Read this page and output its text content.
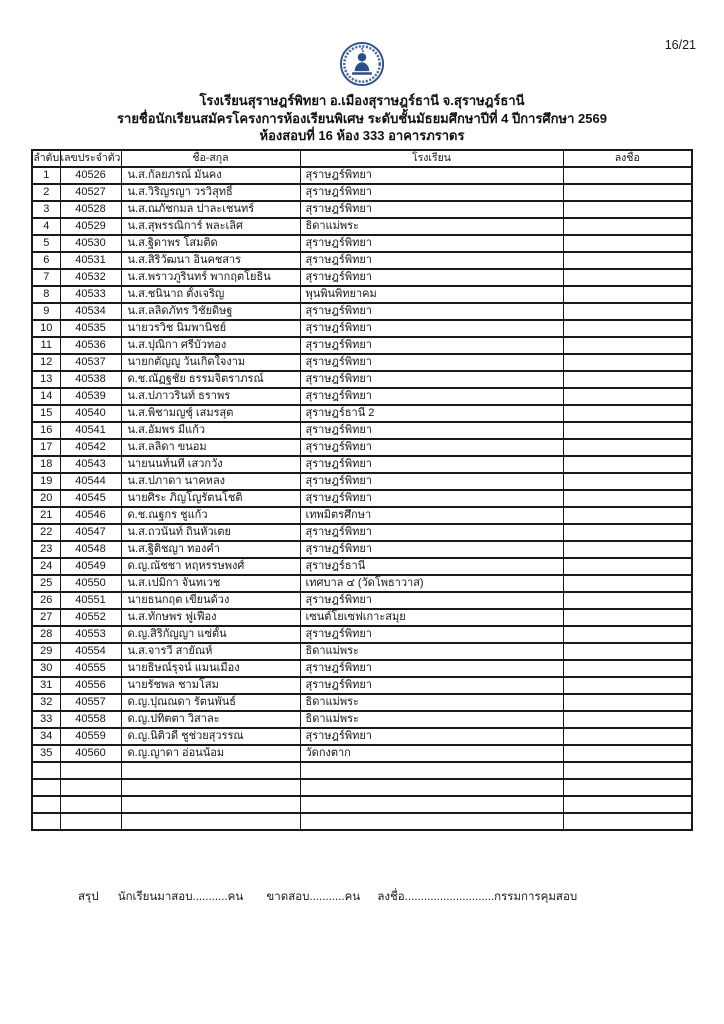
16/21
โรงเรียนสุราษฎร์พิทยา อ.เมืองสุราษฎร์ธานี จ.สุราษฎร์ธานี
รายชื่อนักเรียนสมัครโครงการห้องเรียนพิเศษ ระดับชั้นมัธยมศึกษาปีที่ 4 ปีการศึกษา 2569
ห้องสอบที่ 16 ห้อง 333 อาคารภราดร
ลำดับ	เลขประจำตัว	ชื่อ-สกุล	โรงเรียน	ลงชื่อ
1	40526	น.ส.กัลยภรณ์ มั่นคง	สุราษฎร์พิทยา	
2	40527	น.ส.วิริญรญา วรวิสุทธิ์	สุราษฎร์พิทยา	
3	40528	น.ส.ณภัชกมล ปาละเชนทร์	สุราษฎร์พิทยา	
4	40529	น.ส.สุพรรณิการ์ พละเลิศ	ธิดาแม่พระ	
5	40530	น.ส.ฐิดาพร โสมติด	สุราษฎร์พิทยา	
6	40531	น.ส.สิริวัฒนา อินคชสาร	สุราษฎร์พิทยา	
7	40532	น.ส.พราวภูรินทร์ พากฤตโยธิน	สุราษฎร์พิทยา	
8	40533	น.ส.ชนินาถ ตั้งเจริญ	พุนพินพิทยาคม	
9	40534	น.ส.ลลิดภัทร วิชัยดิษฐ	สุราษฎร์พิทยา	
10	40535	นายวรวิช นิ่มพานิชย์	สุราษฎร์พิทยา	
11	40536	น.ส.ปุณิกา ศรีบัวทอง	สุราษฎร์พิทยา	
12	40537	นายกตัญญู วันเกิดใจงาม	สุราษฎร์พิทยา	
13	40538	ด.ช.ณัฏฐชัย ธรรมจิตราภรณ์	สุราษฎร์พิทยา	
14	40539	น.ส.ปภาวรินท์ ธราพร	สุราษฎร์พิทยา	
15	40540	น.ส.พิชามญชุ์ เสมรสุต	สุราษฎร์ธานี 2	
16	40541	น.ส.อัมพร มีแก้ว	สุราษฎร์พิทยา	
17	40542	น.ส.ลลิดา ขนอม	สุราษฎร์พิทยา	
18	40543	นายนนท์นที เสวกวัง	สุราษฎร์พิทยา	
19	40544	น.ส.ปภาดา นาคหลง	สุราษฎร์พิทยา	
20	40545	นายศิระ ภิญโญรัตนโชติ	สุราษฎร์พิทยา	
21	40546	ด.ช.ณฐกร ชูแก้ว	เทพมิตรศึกษา	
22	40547	น.ส.ถวนันท์ ถิ่นหัวเตย	สุราษฎร์พิทยา	
23	40548	น.ส.ฐิติชญา ทองคำ	สุราษฎร์พิทยา	
24	40549	ด.ญ.ณัชชา หฤหรรษพงศ์	สุราษฎร์ธานี	
25	40550	น.ส.เปมิกา จันทเวช	เทศบาล ๔ (วัดโพธาวาส)	
26	40551	นายธนกฤต เขียนด้วง	สุราษฎร์พิทยา	
27	40552	น.ส.ทักษพร ฟูเฟื่อง	เซนต์โยเซฟเกาะสมุย	
28	40553	ด.ญ.สิริกัญญา แซ่ตั้น	สุราษฎร์พิทยา	
29	40554	น.ส.จารวี สายัณห์	ธิดาแม่พระ	
30	40555	นายธิษณ์รุจน์ แมนเมือง	สุราษฎร์พิทยา	
31	40556	นายรัชพล ชามโสม	สุราษฎร์พิทยา	
32	40557	ด.ญ.ปุณณดา รัตนพันธ์	ธิดาแม่พระ	
33	40558	ด.ญ.ปทิตตา วิสาละ	ธิดาแม่พระ	
34	40559	ด.ญ.นิติวดี ชูช่วยสุวรรณ	สุราษฎร์พิทยา	
35	40560	ด.ญ.ญาดา อ่อนน้อม	วัดกงตาก	

สรุป นักเรียนมาสอบ...........คน ขาดสอบ...........คน ลงชื่อ............................กรรมการคุมสอบ
